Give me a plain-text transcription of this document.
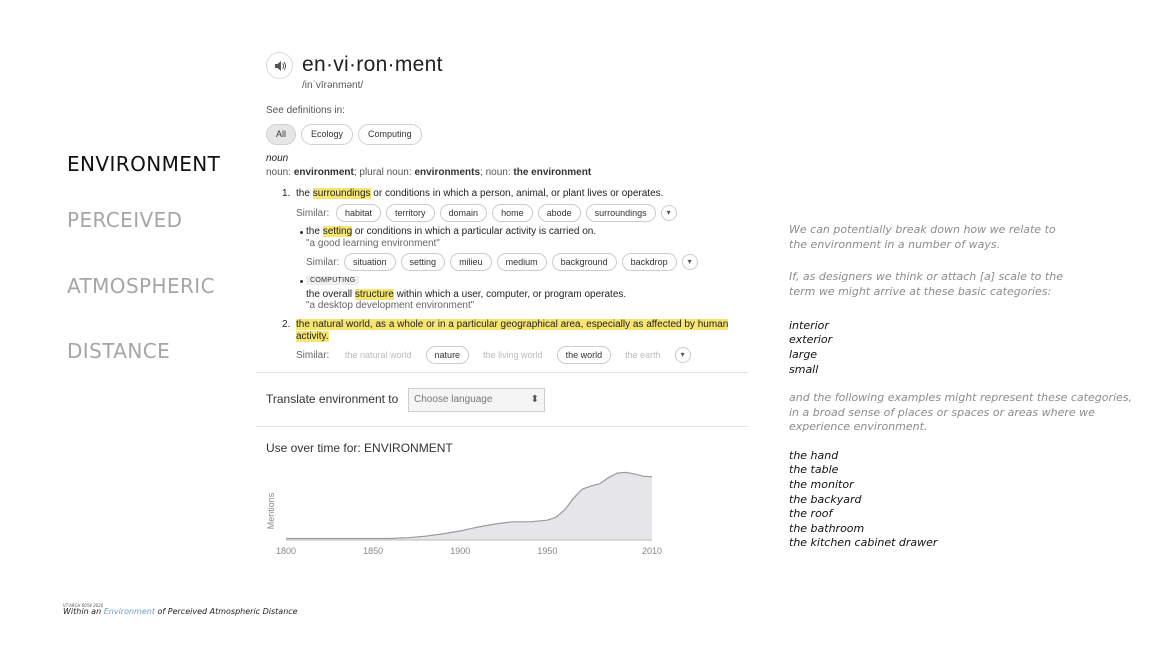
ENVIRONMENT
PERCEIVED
ATMOSPHERIC
DISTANCE
en·vi·ron·ment
/inˈvīrənmənt/
See definitions in:
All	Ecology	Computing
noun
noun: environment; plural noun: environments; noun: the environment
1. the surroundings or conditions in which a person, animal, or plant lives or operates.
Similar:	habitat	territory	domain	home	abode	surroundings	▾
the setting or conditions in which a particular activity is carried on.
"a good learning environment"
Similar:	situation	setting	milieu	medium	background	backdrop	▾
COMPUTING
the overall structure within which a user, computer, or program operates.
"a desktop development environment"
2. the natural world, as a whole or in a particular geographical area, especially as affected by human
activity.
Similar:	the natural world	nature	the living world	the world	the earth	▾
Translate environment to Choose language	⬍
Use over time for: ENVIRONMENT
Mentions
1800	1850	1900	1950	2010

We can potentially break down how we relate to

the environment in a number of ways.

If, as designers we think or attach [a] scale to the

term we might arrive at these basic categories:

interior

exterior

large

small

and the following examples might represent these categories,

in a broad sense of places or spaces or areas where we

experience environment.

the hand

the table

the monitor

the backyard

the roof

the bathroom

the kitchen cabinet drawer

VT-ARCH 6054 2020
Within an Environment of Perceived Atmospheric Distance
